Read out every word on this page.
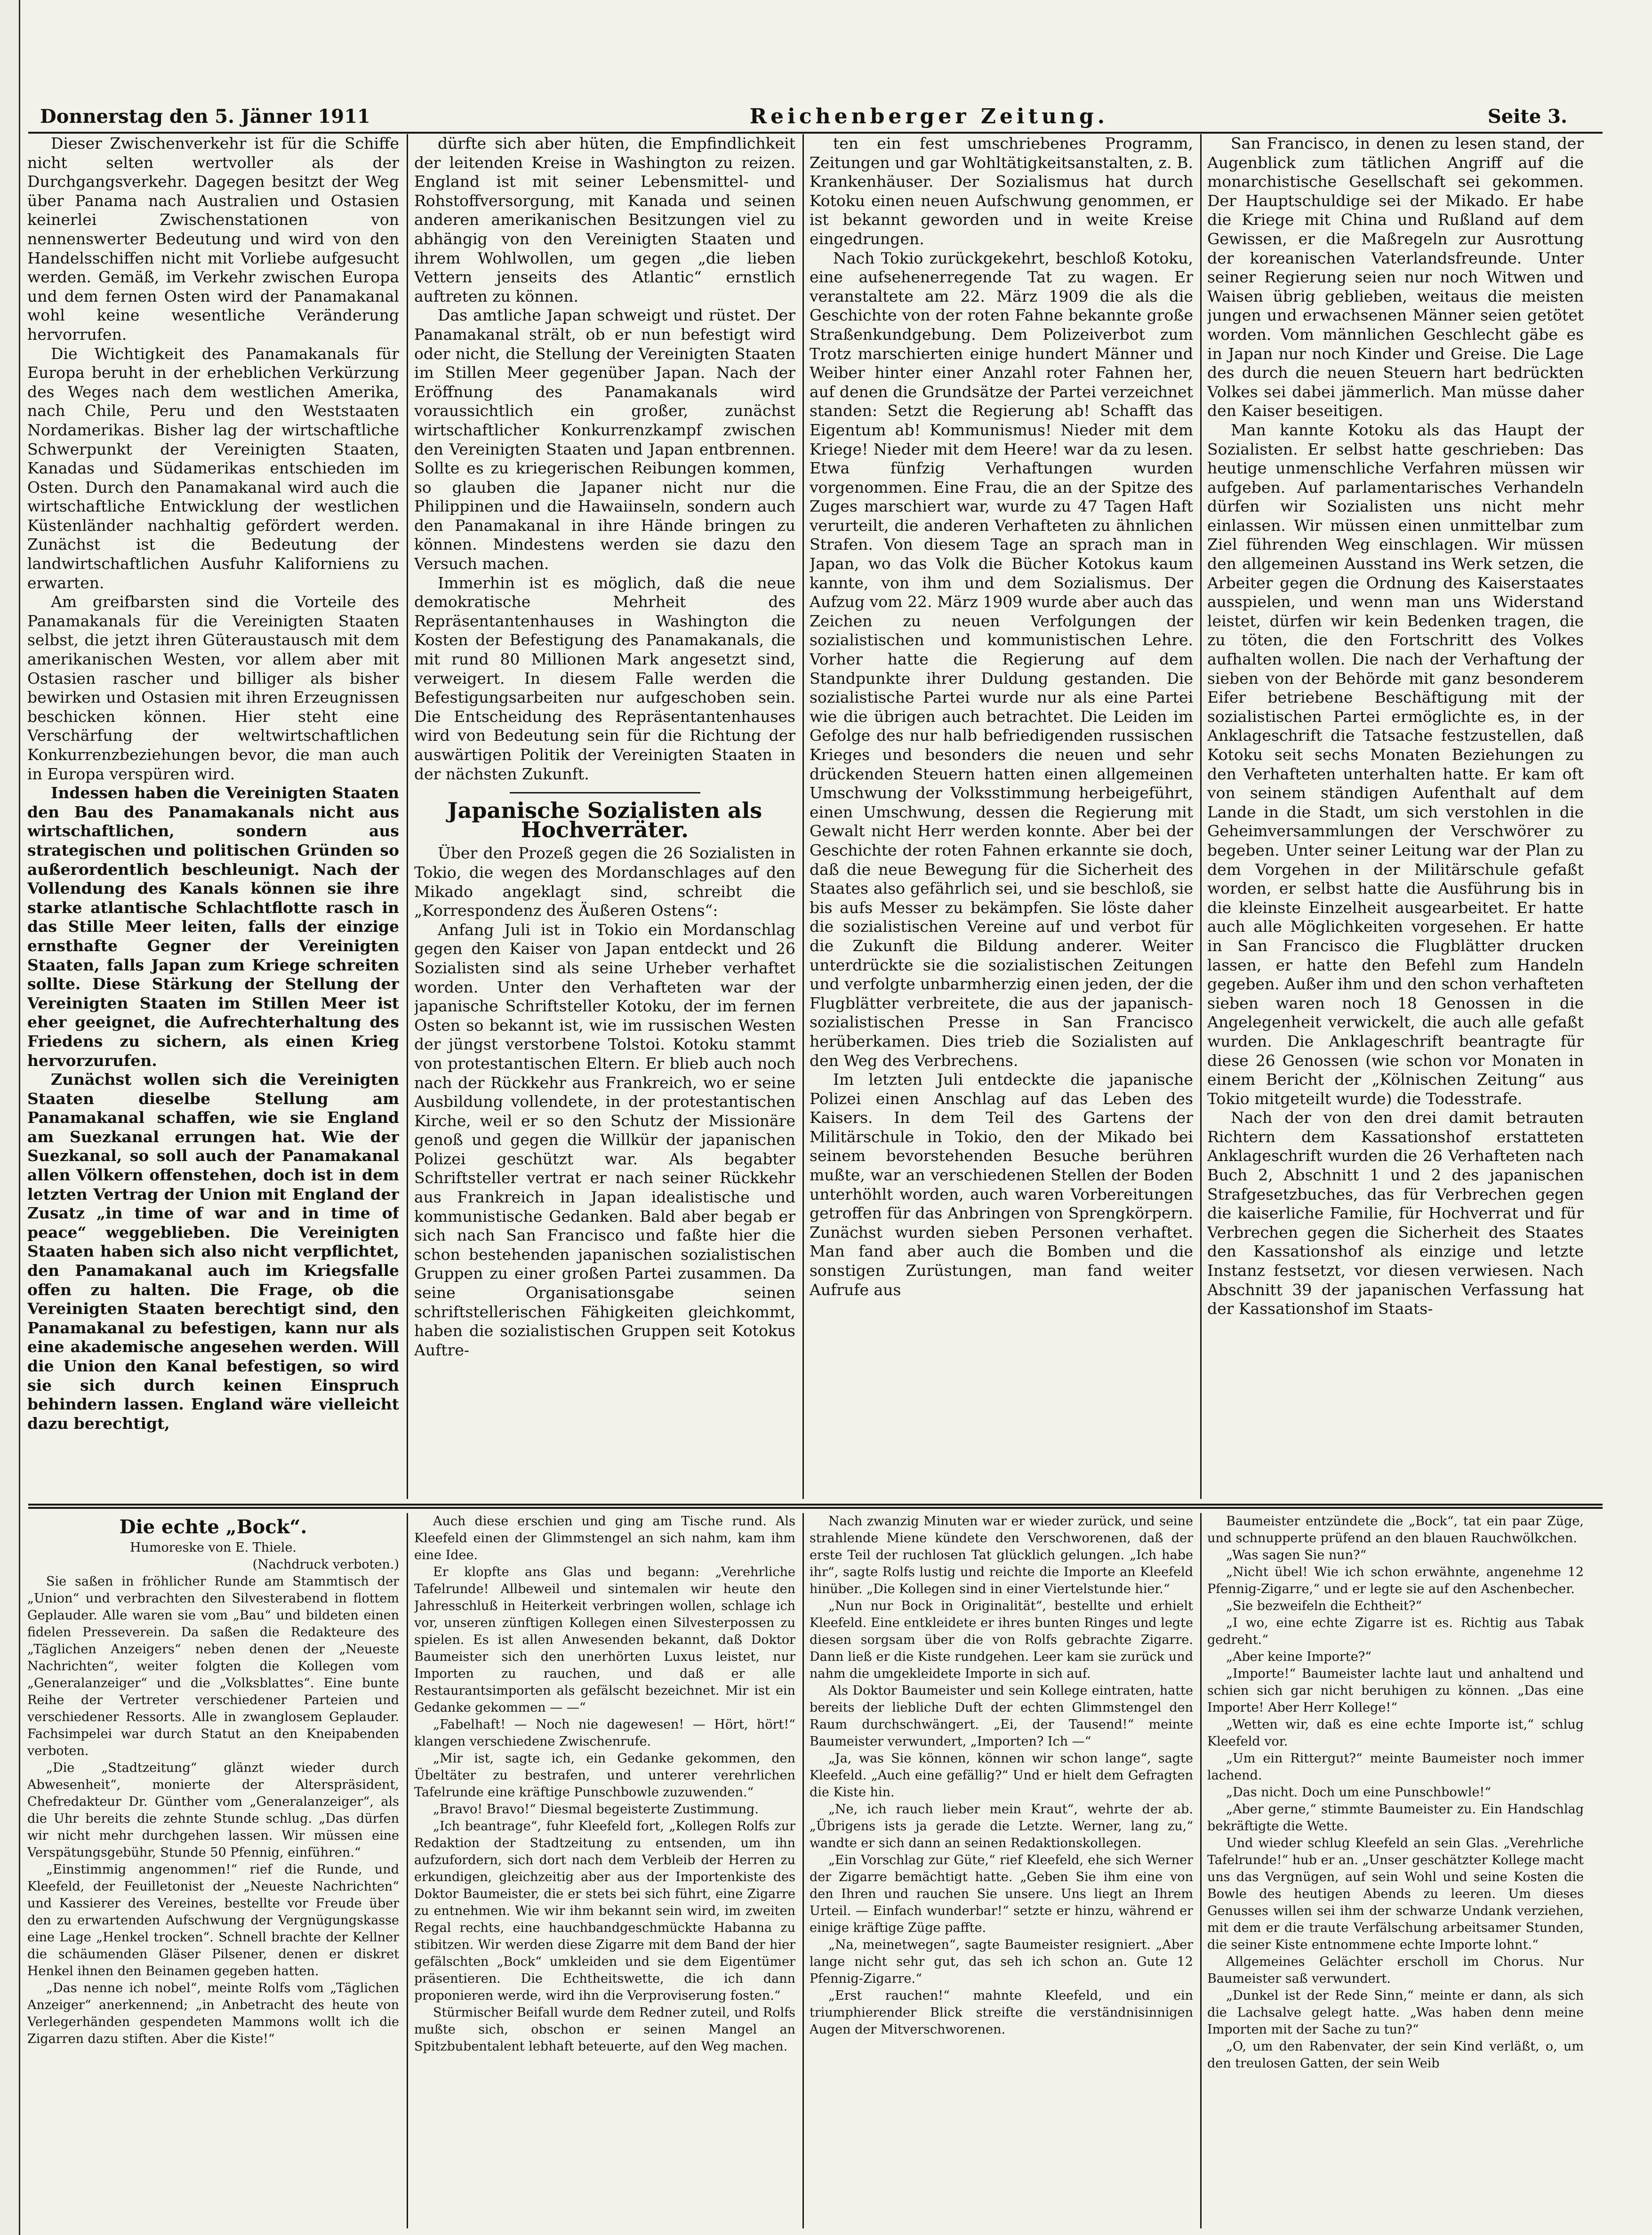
Donnerstag den 5. Jänner 1911	Reichenberger Zeitung.	Seite 3.

Dieser Zwischenverkehr ist für die Schiffe nicht selten wertvoller als der Durchgangsverkehr. Dagegen besitzt der Weg über Panama nach Australien und Ostasien keinerlei Zwischenstationen von nennenswerter Bedeutung und wird von den Handelsschiffen nicht mit Vorliebe aufgesucht werden. Gemäß, im Verkehr zwischen Europa und dem fernen Osten wird der Panamakanal wohl keine wesentliche Veränderung hervorrufen.

Die Wichtigkeit des Panamakanals für Europa beruht in der erheblichen Verkürzung des Weges nach dem westlichen Amerika, nach Chile, Peru und den Weststaaten Nordamerikas. Bisher lag der wirtschaftliche Schwerpunkt der Vereinigten Staaten, Kanadas und Südamerikas entschieden im Osten. Durch den Panamakanal wird auch die wirtschaftliche Entwicklung der westlichen Küstenländer nachhaltig gefördert werden. Zunächst ist die Bedeutung der landwirtschaftlichen Ausfuhr Kaliforniens zu erwarten.

Am greifbarsten sind die Vorteile des Panamakanals für die Vereinigten Staaten selbst, die jetzt ihren Güteraustausch mit dem amerikanischen Westen, vor allem aber mit Ostasien rascher und billiger als bisher bewirken und Ostasien mit ihren Erzeugnissen beschicken können. Hier steht eine Verschärfung der weltwirtschaftlichen Konkurrenzbeziehungen bevor, die man auch in Europa verspüren wird.

Indessen haben die Vereinigten Staaten den Bau des Panamakanals nicht aus wirtschaftlichen, sondern aus strategischen und politischen Gründen so außerordentlich beschleunigt. Nach der Vollendung des Kanals können sie ihre starke atlantische Schlachtflotte rasch in das Stille Meer leiten, falls der einzige ernsthafte Gegner der Vereinigten Staaten, falls Japan zum Kriege schreiten sollte. Diese Stärkung der Stellung der Vereinigten Staaten im Stillen Meer ist eher geeignet, die Aufrechterhaltung des Friedens zu sichern, als einen Krieg hervorzurufen.

Zunächst wollen sich die Vereinigten Staaten dieselbe Stellung am Panamakanal schaffen, wie sie England am Suezkanal errungen hat. Wie der Suezkanal, so soll auch der Panamakanal allen Völkern offenstehen, doch ist in dem letzten Vertrag der Union mit England der Zusatz „in time of war and in time of peace“ weggeblieben. Die Vereinigten Staaten haben sich also nicht verpflichtet, den Panamakanal auch im Kriegsfalle offen zu halten. Die Frage, ob die Vereinigten Staaten berechtigt sind, den Panamakanal zu befestigen, kann nur als eine akademische angesehen werden. Will die Union den Kanal befestigen, so wird sie sich durch keinen Einspruch behindern lassen. England wäre vielleicht dazu berechtigt,

dürfte sich aber hüten, die Empfindlichkeit der leitenden Kreise in Washington zu reizen. England ist mit seiner Lebensmittel- und Rohstoffversorgung, mit Kanada und seinen anderen amerikanischen Besitzungen viel zu abhängig von den Vereinigten Staaten und ihrem Wohlwollen, um gegen „die lieben Vettern jenseits des Atlantic“ ernstlich auftreten zu können.

Das amtliche Japan schweigt und rüstet. Der Panamakanal strält, ob er nun befestigt wird oder nicht, die Stellung der Vereinigten Staaten im Stillen Meer gegenüber Japan. Nach der Eröffnung des Panamakanals wird voraussichtlich ein großer, zunächst wirtschaftlicher Konkurrenzkampf zwischen den Vereinigten Staaten und Japan entbrennen. Sollte es zu kriegerischen Reibungen kommen, so glauben die Japaner nicht nur die Philippinen und die Hawaiinseln, sondern auch den Panamakanal in ihre Hände bringen zu können. Mindestens werden sie dazu den Versuch machen.

Immerhin ist es möglich, daß die neue demokratische Mehrheit des Repräsentantenhauses in Washington die Kosten der Befestigung des Panamakanals, die mit rund 80 Millionen Mark angesetzt sind, verweigert. In diesem Falle werden die Befestigungsarbeiten nur aufgeschoben sein. Die Entscheidung des Repräsentantenhauses wird von Bedeutung sein für die Richtung der auswärtigen Politik der Vereinigten Staaten in der nächsten Zukunft.

Japanische Sozialisten als Hochverräter.

Über den Prozeß gegen die 26 Sozialisten in Tokio, die wegen des Mordanschlages auf den Mikado angeklagt sind, schreibt die „Korrespondenz des Äußeren Ostens“:

Anfang Juli ist in Tokio ein Mordanschlag gegen den Kaiser von Japan entdeckt und 26 Sozialisten sind als seine Urheber verhaftet worden. Unter den Verhafteten war der japanische Schriftsteller Kotoku, der im fernen Osten so bekannt ist, wie im russischen Westen der jüngst verstorbene Tolstoi. Kotoku stammt von protestantischen Eltern. Er blieb auch noch nach der Rückkehr aus Frankreich, wo er seine Ausbildung vollendete, in der protestantischen Kirche, weil er so den Schutz der Missionäre genoß und gegen die Willkür der japanischen Polizei geschützt war. Als begabter Schriftsteller vertrat er nach seiner Rückkehr aus Frankreich in Japan idealistische und kommunistische Gedanken. Bald aber begab er sich nach San Francisco und faßte hier die schon bestehenden japanischen sozialistischen Gruppen zu einer großen Partei zusammen. Da seine Organisationsgabe seinen schriftstellerischen Fähigkeiten gleichkommt, haben die sozialistischen Gruppen seit Kotokus Auftre-

ten ein fest umschriebenes Programm, Zeitungen und gar Wohltätigkeitsanstalten, z. B. Krankenhäuser. Der Sozialismus hat durch Kotoku einen neuen Aufschwung genommen, er ist bekannt geworden und in weite Kreise eingedrungen.

Nach Tokio zurückgekehrt, beschloß Kotoku, eine aufsehenerregende Tat zu wagen. Er veranstaltete am 22. März 1909 die als die Geschichte von der roten Fahne bekannte große Straßenkundgebung. Dem Polizeiverbot zum Trotz marschierten einige hundert Männer und Weiber hinter einer Anzahl roter Fahnen her, auf denen die Grundsätze der Partei verzeichnet standen: Setzt die Regierung ab! Schafft das Eigentum ab! Kommunismus! Nieder mit dem Kriege! Nieder mit dem Heere! war da zu lesen. Etwa fünfzig Verhaftungen wurden vorgenommen. Eine Frau, die an der Spitze des Zuges marschiert war, wurde zu 47 Tagen Haft verurteilt, die anderen Verhafteten zu ähnlichen Strafen. Von diesem Tage an sprach man in Japan, wo das Volk die Bücher Kotokus kaum kannte, von ihm und dem Sozialismus. Der Aufzug vom 22. März 1909 wurde aber auch das Zeichen zu neuen Verfolgungen der sozialistischen und kommunistischen Lehre. Vorher hatte die Regierung auf dem Standpunkte ihrer Duldung gestanden. Die sozialistische Partei wurde nur als eine Partei wie die übrigen auch betrachtet. Die Leiden im Gefolge des nur halb befriedigenden russischen Krieges und besonders die neuen und sehr drückenden Steuern hatten einen allgemeinen Umschwung der Volksstimmung herbeigeführt, einen Umschwung, dessen die Regierung mit Gewalt nicht Herr werden konnte. Aber bei der Geschichte der roten Fahnen erkannte sie doch, daß die neue Bewegung für die Sicherheit des Staates also gefährlich sei, und sie beschloß, sie bis aufs Messer zu bekämpfen. Sie löste daher die sozialistischen Vereine auf und verbot für die Zukunft die Bildung anderer. Weiter unterdrückte sie die sozialistischen Zeitungen und verfolgte unbarmherzig einen jeden, der die Flugblätter verbreitete, die aus der japanisch-sozialistischen Presse in San Francisco herüberkamen. Dies trieb die Sozialisten auf den Weg des Verbrechens.

Im letzten Juli entdeckte die japanische Polizei einen Anschlag auf das Leben des Kaisers. In dem Teil des Gartens der Militärschule in Tokio, den der Mikado bei seinem bevorstehenden Besuche berühren mußte, war an verschiedenen Stellen der Boden unterhöhlt worden, auch waren Vorbereitungen getroffen für das Anbringen von Sprengkörpern. Zunächst wurden sieben Personen verhaftet. Man fand aber auch die Bomben und die sonstigen Zurüstungen, man fand weiter Aufrufe aus

San Francisco, in denen zu lesen stand, der Augenblick zum tätlichen Angriff auf die monarchistische Gesellschaft sei gekommen. Der Hauptschuldige sei der Mikado. Er habe die Kriege mit China und Rußland auf dem Gewissen, er die Maßregeln zur Ausrottung der koreanischen Vaterlandsfreunde. Unter seiner Regierung seien nur noch Witwen und Waisen übrig geblieben, weitaus die meisten jungen und erwachsenen Männer seien getötet worden. Vom männlichen Geschlecht gäbe es in Japan nur noch Kinder und Greise. Die Lage des durch die neuen Steuern hart bedrückten Volkes sei dabei jämmerlich. Man müsse daher den Kaiser beseitigen.

Man kannte Kotoku als das Haupt der Sozialisten. Er selbst hatte geschrieben: Das heutige unmenschliche Verfahren müssen wir aufgeben. Auf parlamentarisches Verhandeln dürfen wir Sozialisten uns nicht mehr einlassen. Wir müssen einen unmittelbar zum Ziel führenden Weg einschlagen. Wir müssen den allgemeinen Ausstand ins Werk setzen, die Arbeiter gegen die Ordnung des Kaiserstaates ausspielen, und wenn man uns Widerstand leistet, dürfen wir kein Bedenken tragen, die zu töten, die den Fortschritt des Volkes aufhalten wollen. Die nach der Verhaftung der sieben von der Behörde mit ganz besonderem Eifer betriebene Beschäftigung mit der sozialistischen Partei ermöglichte es, in der Anklageschrift die Tatsache festzustellen, daß Kotoku seit sechs Monaten Beziehungen zu den Verhafteten unterhalten hatte. Er kam oft von seinem ständigen Aufenthalt auf dem Lande in die Stadt, um sich verstohlen in die Geheimversammlungen der Verschwörer zu begeben. Unter seiner Leitung war der Plan zu dem Vorgehen in der Militärschule gefaßt worden, er selbst hatte die Ausführung bis in die kleinste Einzelheit ausgearbeitet. Er hatte auch alle Möglichkeiten vorgesehen. Er hatte in San Francisco die Flugblätter drucken lassen, er hatte den Befehl zum Handeln gegeben. Außer ihm und den schon verhafteten sieben waren noch 18 Genossen in die Angelegenheit verwickelt, die auch alle gefaßt wurden. Die Anklageschrift beantragte für diese 26 Genossen (wie schon vor Monaten in einem Bericht der „Kölnischen Zeitung“ aus Tokio mitgeteilt wurde) die Todesstrafe.

Nach der von den drei damit betrauten Richtern dem Kassationshof erstatteten Anklageschrift wurden die 26 Verhafteten nach Buch 2, Abschnitt 1 und 2 des japanischen Strafgesetzbuches, das für Verbrechen gegen die kaiserliche Familie, für Hochverrat und für Verbrechen gegen die Sicherheit des Staates den Kassationshof als einzige und letzte Instanz festsetzt, vor diesen verwiesen. Nach Abschnitt 39 der japanischen Verfassung hat der Kassationshof im Staats-

Die echte „Bock“.

Humoreske von E. Thiele.

(Nachdruck verboten.)

Sie saßen in fröhlicher Runde am Stammtisch der „Union“ und verbrachten den Silvesterabend in flottem Geplauder. Alle waren sie vom „Bau“ und bildeten einen fidelen Presseverein. Da saßen die Redakteure des „Täglichen Anzeigers“ neben denen der „Neueste Nachrichten“, weiter folgten die Kollegen vom „Generalanzeiger“ und die „Volksblattes“. Eine bunte Reihe der Vertreter verschiedener Parteien und verschiedener Ressorts. Alle in zwanglosem Geplauder. Fachsimpelei war durch Statut an den Kneipabenden verboten.

„Die „Stadtzeitung“ glänzt wieder durch Abwesenheit“, monierte der Alterspräsident, Chefredakteur Dr. Günther vom „Generalanzeiger“, als die Uhr bereits die zehnte Stunde schlug. „Das dürfen wir nicht mehr durchgehen lassen. Wir müssen eine Verspätungsgebühr, Stunde 50 Pfennig, einführen.“

„Einstimmig angenommen!“ rief die Runde, und Kleefeld, der Feuilletonist der „Neueste Nachrichten“ und Kassierer des Vereines, bestellte vor Freude über den zu erwartenden Aufschwung der Vergnügungskasse eine Lage „Henkel trocken“. Schnell brachte der Kellner die schäumenden Gläser Pilsener, denen er diskret Henkel ihnen den Beinamen gegeben hatten.

„Das nenne ich nobel“, meinte Rolfs vom „Täglichen Anzeiger“ anerkennend; „in Anbetracht des heute von Verlegerhänden gespendeten Mammons wollt ich die Zigarren dazu stiften. Aber die Kiste!“

Auch diese erschien und ging am Tische rund. Als Kleefeld einen der Glimmstengel an sich nahm, kam ihm eine Idee.

Er klopfte ans Glas und begann: „Verehrliche Tafelrunde! Allbeweil und sintemalen wir heute den Jahresschluß in Heiterkeit verbringen wollen, schlage ich vor, unseren zünftigen Kollegen einen Silvesterpossen zu spielen. Es ist allen Anwesenden bekannt, daß Doktor Baumeister sich den unerhörten Luxus leistet, nur Importen zu rauchen, und daß er alle Restaurantsimporten als gefälscht bezeichnet. Mir ist ein Gedanke gekommen — —“

„Fabelhaft! — Noch nie dagewesen! — Hört, hört!“ klangen verschiedene Zwischenrufe.

„Mir ist, sagte ich, ein Gedanke gekommen, den Übeltäter zu bestrafen, und unterer verehrlichen Tafelrunde eine kräftige Punschbowle zuzuwenden.“

„Bravo! Bravo!“ Diesmal begeisterte Zustimmung.

„Ich beantrage“, fuhr Kleefeld fort, „Kollegen Rolfs zur Redaktion der Stadtzeitung zu entsenden, um ihn aufzufordern, sich dort nach dem Verbleib der Herren zu erkundigen, gleichzeitig aber aus der Importenkiste des Doktor Baumeister, die er stets bei sich führt, eine Zigarre zu entnehmen. Wie wir ihm bekannt sein wird, im zweiten Regal rechts, eine hauchbandgeschmückte Habanna zu stibitzen. Wir werden diese Zigarre mit dem Band der hier gefälschten „Bock“ umkleiden und sie dem Eigentümer präsentieren. Die Echtheitswette, die ich dann proponieren werde, wird ihn die Verproviserung fosten.“

Stürmischer Beifall wurde dem Redner zuteil, und Rolfs mußte sich, obschon er seinen Mangel an Spitzbubentalent lebhaft beteuerte, auf den Weg machen.

Nach zwanzig Minuten war er wieder zurück, und seine strahlende Miene kündete den Verschworenen, daß der erste Teil der ruchlosen Tat glücklich gelungen. „Ich habe ihr“, sagte Rolfs lustig und reichte die Importe an Kleefeld hinüber. „Die Kollegen sind in einer Viertelstunde hier.“

„Nun nur Bock in Originalität“, bestellte und erhielt Kleefeld. Eine entkleidete er ihres bunten Ringes und legte diesen sorgsam über die von Rolfs gebrachte Zigarre. Dann ließ er die Kiste rundgehen. Leer kam sie zurück und nahm die umgekleidete Importe in sich auf.

Als Doktor Baumeister und sein Kollege eintraten, hatte bereits der liebliche Duft der echten Glimmstengel den Raum durchschwängert. „Ei, der Tausend!“ meinte Baumeister verwundert, „Importen? Ich —“

„Ja, was Sie können, können wir schon lange“, sagte Kleefeld. „Auch eine gefällig?“ Und er hielt dem Gefragten die Kiste hin.

„Ne, ich rauch lieber mein Kraut“, wehrte der ab. „Übrigens ists ja gerade die Letzte. Werner, lang zu,“ wandte er sich dann an seinen Redaktionskollegen.

„Ein Vorschlag zur Güte,“ rief Kleefeld, ehe sich Werner der Zigarre bemächtigt hatte. „Geben Sie ihm eine von den Ihren und rauchen Sie unsere. Uns liegt an Ihrem Urteil. — Einfach wunderbar!“ setzte er hinzu, während er einige kräftige Züge paffte.

„Na, meinetwegen“, sagte Baumeister resigniert. „Aber lange nicht sehr gut, das seh ich schon an. Gute 12 Pfennig-Zigarre.“

„Erst rauchen!“ mahnte Kleefeld, und ein triumphierender Blick streifte die verständnisinnigen Augen der Mitverschworenen.

Baumeister entzündete die „Bock“, tat ein paar Züge, und schnupperte prüfend an den blauen Rauchwölkchen.

„Was sagen Sie nun?“

„Nicht übel! Wie ich schon erwähnte, angenehme 12 Pfennig-Zigarre,“ und er legte sie auf den Aschenbecher.

„Sie bezweifeln die Echtheit?“

„I wo, eine echte Zigarre ist es. Richtig aus Tabak gedreht.“

„Aber keine Importe?“

„Importe!“ Baumeister lachte laut und anhaltend und schien sich gar nicht beruhigen zu können. „Das eine Importe! Aber Herr Kollege!“

„Wetten wir, daß es eine echte Importe ist,“ schlug Kleefeld vor.

„Um ein Rittergut?“ meinte Baumeister noch immer lachend.

„Das nicht. Doch um eine Punschbowle!“

„Aber gerne,“ stimmte Baumeister zu. Ein Handschlag bekräftigte die Wette.

Und wieder schlug Kleefeld an sein Glas. „Verehrliche Tafelrunde!“ hub er an. „Unser geschätzter Kollege macht uns das Vergnügen, auf sein Wohl und seine Kosten die Bowle des heutigen Abends zu leeren. Um dieses Genusses willen sei ihm der schwarze Undank verziehen, mit dem er die traute Verfälschung arbeitsamer Stunden, die seiner Kiste entnommene echte Importe lohnt.“

Allgemeines Gelächter erscholl im Chorus. Nur Baumeister saß verwundert.

„Dunkel ist der Rede Sinn,“ meinte er dann, als sich die Lachsalve gelegt hatte. „Was haben denn meine Importen mit der Sache zu tun?“

„O, um den Rabenvater, der sein Kind verläßt, o, um den treulosen Gatten, der sein Weib
